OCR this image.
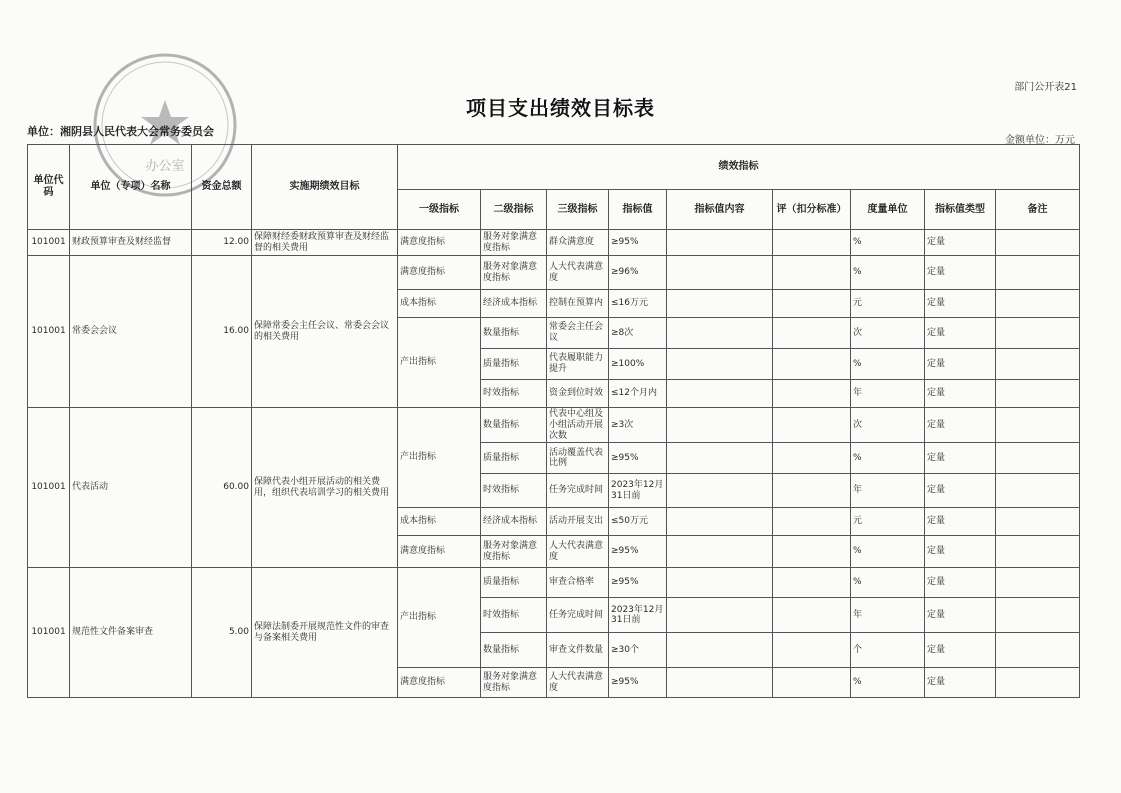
办公室
部门公开表21
项目支出绩效目标表
单位：湘阴县人民代表大会常务委员会
金额单位：万元
单位代码	单位（专项）名称	资金总额	实施期绩效目标	绩效指标								
				一级指标	二级指标	三级指标	指标值	指标值内容	评（扣分标准）	度量单位	指标值类型	备注
101001	财政预算审查及财经监督	12.00	保障财经委财政预算审查及财经监督的相关费用	满意度指标	服务对象满意度指标	群众满意度	≥95%			%	定量	
101001	常委会会议	16.00	保障常委会主任会议、常委会会议的相关费用	满意度指标	服务对象满意度指标	人大代表满意度	≥96%			%	定量	
				成本指标	经济成本指标	控制在预算内	≤16万元			元	定量	
				产出指标	数量指标	常委会主任会议	≥8次			次	定量	
					质量指标	代表履职能力提升	≥100%			%	定量	
					时效指标	资金到位时效	≤12个月内			年	定量	
101001	代表活动	60.00	保障代表小组开展活动的相关费用，组织代表培训学习的相关费用	产出指标	数量指标	代表中心组及小组活动开展次数	≥3次			次	定量	
					质量指标	活动覆盖代表比例	≥95%			%	定量	
					时效指标	任务完成时间	2023年12月31日前			年	定量	
				成本指标	经济成本指标	活动开展支出	≤50万元			元	定量	
				满意度指标	服务对象满意度指标	人大代表满意度	≥95%			%	定量	
101001	规范性文件备案审查	5.00	保障法制委开展规范性文件的审查与备案相关费用	产出指标	质量指标	审查合格率	≥95%			%	定量	
					时效指标	任务完成时间	2023年12月31日前			年	定量	
					数量指标	审查文件数量	≥30个			个	定量	
				满意度指标	服务对象满意度指标	人大代表满意度	≥95%			%	定量	
